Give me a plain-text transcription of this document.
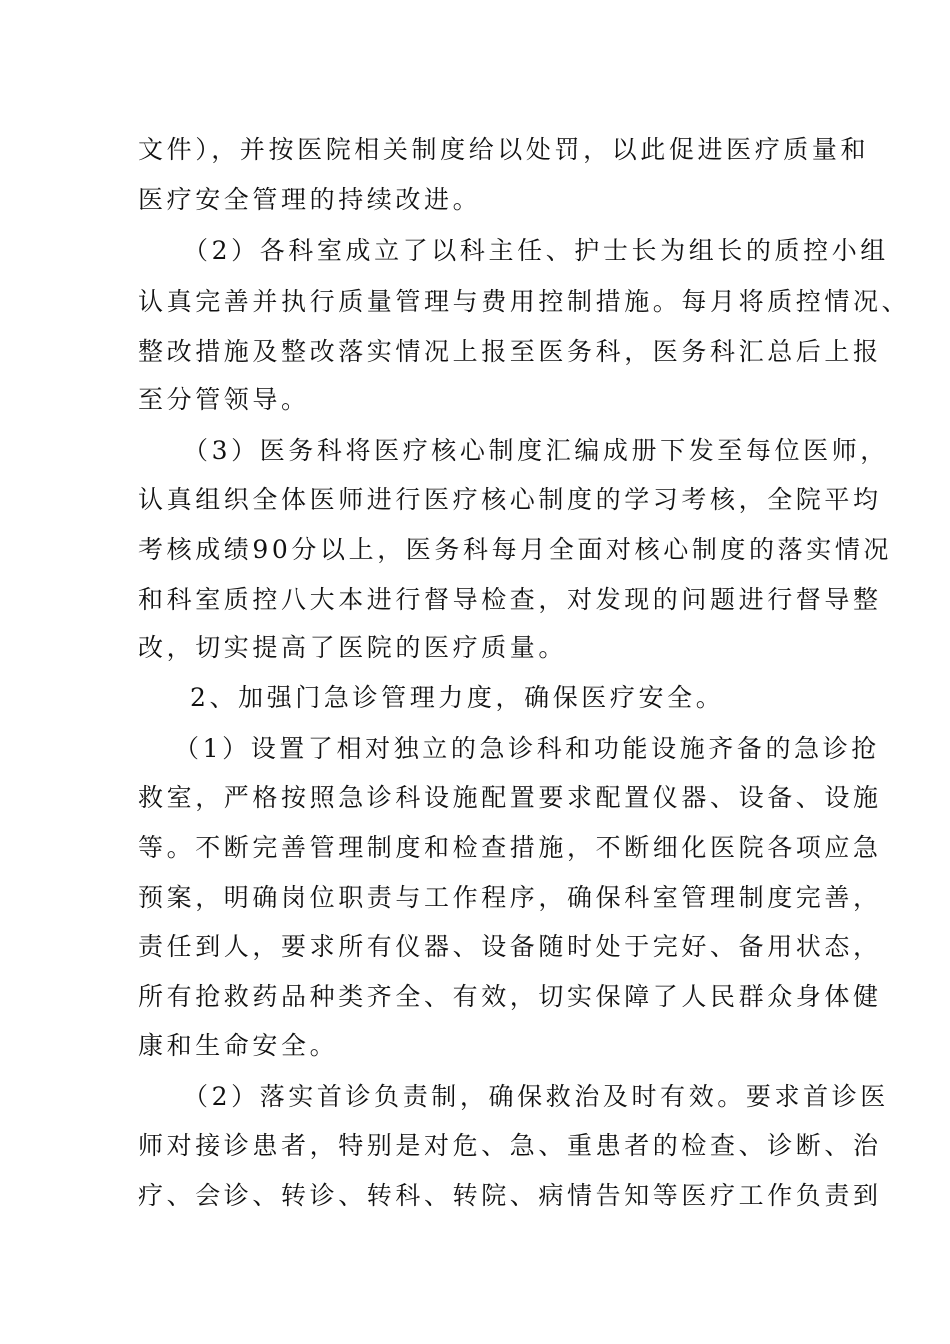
文件），并按医院相关制度给以处罚，以此促进医疗质量和
医疗安全管理的持续改进。
（2）各科室成立了以科主任、护士长为组长的质控小组
认真完善并执行质量管理与费用控制措施。每月将质控情况、
整改措施及整改落实情况上报至医务科，医务科汇总后上报
至分管领导。
（3）医务科将医疗核心制度汇编成册下发至每位医师，
认真组织全体医师进行医疗核心制度的学习考核，全院平均
考核成绩90分以上，医务科每月全面对核心制度的落实情况
和科室质控八大本进行督导检查，对发现的问题进行督导整
改，切实提高了医院的医疗质量。
2、加强门急诊管理力度，确保医疗安全。
（1）设置了相对独立的急诊科和功能设施齐备的急诊抢
救室，严格按照急诊科设施配置要求配置仪器、设备、设施
等。不断完善管理制度和检查措施，不断细化医院各项应急
预案，明确岗位职责与工作程序，确保科室管理制度完善，
责任到人，要求所有仪器、设备随时处于完好、备用状态，
所有抢救药品种类齐全、有效，切实保障了人民群众身体健
康和生命安全。
（2）落实首诊负责制，确保救治及时有效。要求首诊医
师对接诊患者，特别是对危、急、重患者的检查、诊断、治
疗、会诊、转诊、转科、转院、病情告知等医疗工作负责到
